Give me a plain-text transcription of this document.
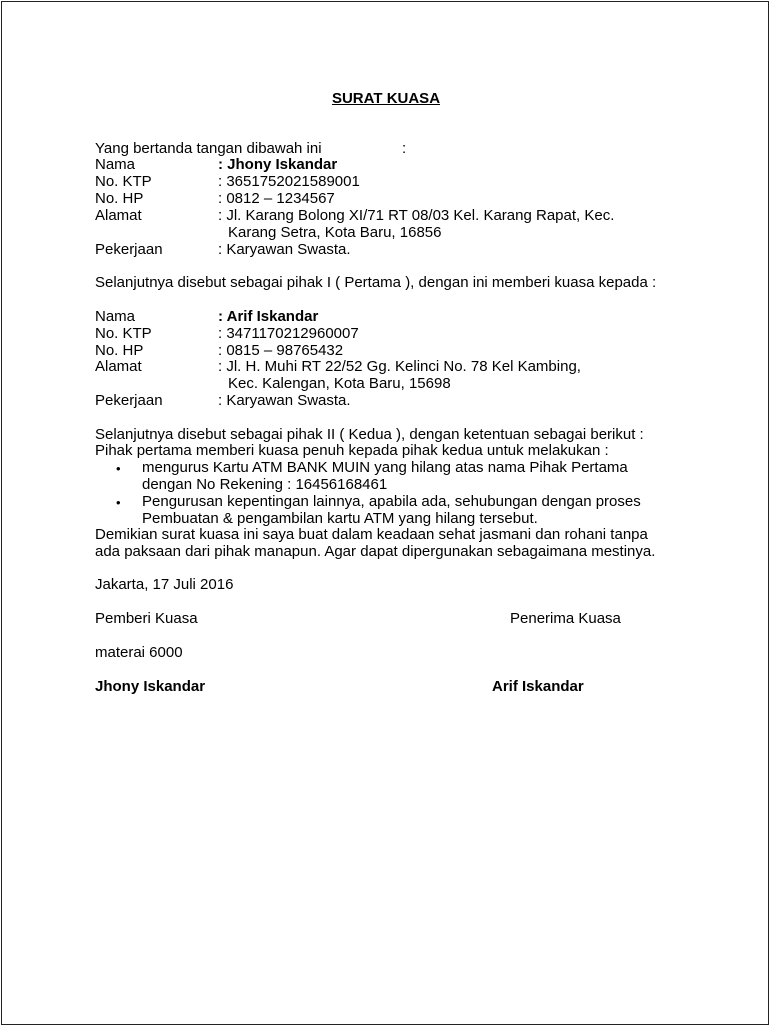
SURAT KUASA
Yang bertanda tangan dibawah ini	:
Nama	: Jhony Iskandar
No. KTP	: 3651752021589001
No. HP	: 0812 – 1234567
Alamat	: Jl. Karang Bolong XI/71 RT 08/03 Kel. Karang Rapat, Kec.
Karang Setra, Kota Baru, 16856
Pekerjaan	: Karyawan Swasta.
Selanjutnya disebut sebagai pihak I ( Pertama ), dengan ini memberi kuasa kepada :
Nama	: Arif Iskandar
No. KTP	: 3471170212960007
No. HP	: 0815 – 98765432
Alamat	: Jl. H. Muhi RT 22/52 Gg. Kelinci No. 78 Kel Kambing,
Kec. Kalengan, Kota Baru, 15698
Pekerjaan	: Karyawan Swasta.
Selanjutnya disebut sebagai pihak II ( Kedua ), dengan ketentuan sebagai berikut :
Pihak pertama memberi kuasa penuh kepada pihak kedua untuk melakukan :
• mengurus Kartu ATM BANK MUIN yang hilang atas nama Pihak Pertama
dengan No Rekening : 16456168461
• Pengurusan kepentingan lainnya, apabila ada, sehubungan dengan proses
Pembuatan & pengambilan kartu ATM yang hilang tersebut.
Demikian surat kuasa ini saya buat dalam keadaan sehat jasmani dan rohani tanpa
ada paksaan dari pihak manapun. Agar dapat dipergunakan sebagaimana mestinya.
Jakarta, 17 Juli 2016
Pemberi Kuasa	Penerima Kuasa
materai 6000
Jhony Iskandar	Arif Iskandar
